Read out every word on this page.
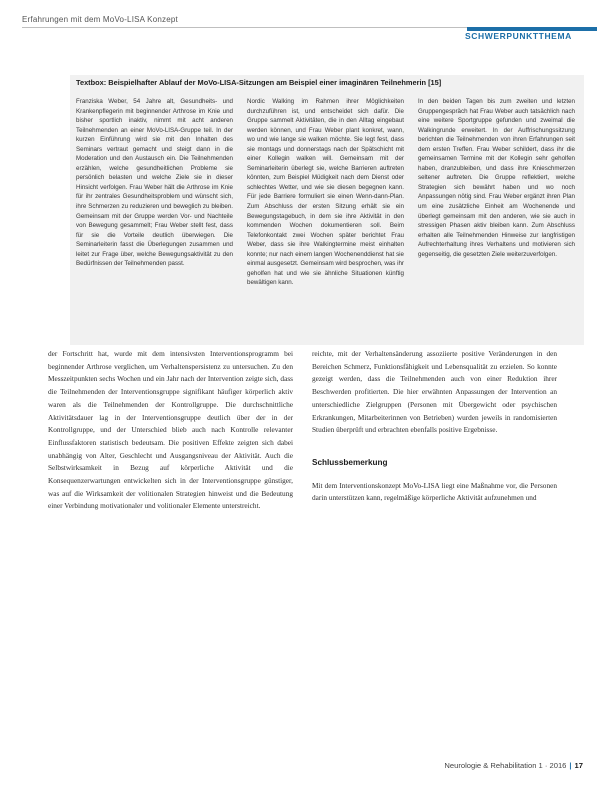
Erfahrungen mit dem MoVo-LISA Konzept
SCHWERPUNKTTHEMA
Textbox: Beispielhafter Ablauf der MoVo-LISA-Sitzungen am Beispiel einer imaginären Teilnehmerin [15]
Franziska Weber, 54 Jahre alt, Gesundheits- und Krankenpflegerin mit beginnender Arthrose im Knie und bisher sportlich inaktiv, nimmt mit acht anderen Teilnehmenden an einer MoVo-LISA-Gruppe teil. In der kurzen Einführung wird sie mit den Inhalten des Seminars vertraut gemacht und steigt dann in die Moderation und den Austausch ein. Die Teilnehmenden erzählen, welche gesundheitlichen Probleme sie persönlich belasten und welche Ziele sie in dieser Hinsicht verfolgen. Frau Weber hält die Arthrose im Knie für ihr zentrales Gesundheitsproblem und wünscht sich, ihre Schmerzen zu reduzieren und beweglich zu bleiben. Gemeinsam mit der Gruppe werden Vor- und Nachteile von Bewegung gesammelt; Frau Weber stellt fest, dass für sie die Vorteile deutlich überwiegen. Die Seminarleiterin fasst die Überlegungen zusammen und leitet zur Frage über, welche Bewegungsaktivität zu den Bedürfnissen der Teilnehmenden passt.
Nordic Walking im Rahmen ihrer Möglichkeiten durchzuführen ist, und entscheidet sich dafür. Die Gruppe sammelt Aktivitäten, die in den Alltag eingebaut werden können, und Frau Weber plant konkret, wann, wo und wie lange sie walken möchte. Sie legt fest, dass sie montags und donnerstags nach der Spätschicht mit einer Kollegin walken will. Gemeinsam mit der Seminarleiterin überlegt sie, welche Barrieren auftreten könnten, zum Beispiel Müdigkeit nach dem Dienst oder schlechtes Wetter, und wie sie diesen begegnen kann. Für jede Barriere formuliert sie einen Wenn-dann-Plan. Zum Abschluss der ersten Sitzung erhält sie ein Bewegungstagebuch, in dem sie ihre Aktivität in den kommenden Wochen dokumentieren soll. Beim Telefonkontakt zwei Wochen später berichtet Frau Weber, dass sie ihre Walkingtermine meist einhalten konnte; nur nach einem langen Wochenenddienst hat sie einmal ausgesetzt. Gemeinsam wird besprochen, was ihr geholfen hat und wie sie ähnliche Situationen künftig bewältigen kann.
In den beiden Tagen bis zum zweiten und letzten Gruppengespräch hat Frau Weber auch tatsächlich nach eine weitere Sportgruppe gefunden und zweimal die Walkingrunde erweitert. In der Auffrischungssitzung berichten die Teilnehmenden von ihren Erfahrungen seit dem ersten Treffen. Frau Weber schildert, dass ihr die gemeinsamen Termine mit der Kollegin sehr geholfen haben, dranzubleiben, und dass ihre Knieschmerzen seltener auftreten. Die Gruppe reflektiert, welche Strategien sich bewährt haben und wo noch Anpassungen nötig sind. Frau Weber ergänzt ihren Plan um eine zusätzliche Einheit am Wochenende und überlegt gemeinsam mit den anderen, wie sie auch in stressigen Phasen aktiv bleiben kann. Zum Abschluss erhalten alle Teilnehmenden Hinweise zur langfristigen Aufrechterhaltung ihres Verhaltens und motivieren sich gegenseitig, die gesetzten Ziele weiterzuverfolgen.

der Fortschritt hat, wurde mit dem intensivsten Interventionsprogramm bei beginnender Arthrose verglichen, um Verhaltenspersistenz zu untersuchen. Zu den Messzeitpunkten sechs Wochen und ein Jahr nach der Intervention zeigte sich, dass die Teilnehmenden der Interventionsgruppe signifikant häufiger körperlich aktiv waren als die Teilnehmenden der Kontrollgruppe. Die durchschnittliche Aktivitätsdauer lag in der Interventionsgruppe deutlich über der in der Kontrollgruppe, und der Unterschied blieb auch nach Kontrolle relevanter Einflussfaktoren statistisch bedeutsam. Die positiven Effekte zeigten sich dabei unabhängig von Alter, Geschlecht und Ausgangsniveau der Aktivität. Auch die Selbstwirksamkeit in Bezug auf körperliche Aktivität und die Konsequenzerwartungen entwickelten sich in der Interventionsgruppe günstiger, was auf die Wirksamkeit der volitionalen Strategien hinweist und die Bedeutung einer Verbindung motivationaler und volitionaler Elemente unterstreicht.

reichte, mit der Verhaltensänderung assoziierte positive Veränderungen in den Bereichen Schmerz, Funktionsfähigkeit und Lebensqualität zu erzielen. So konnte gezeigt werden, dass die Teilnehmenden auch von einer Reduktion ihrer Beschwerden profitierten. Die hier erwähnten Anpassungen der Intervention an unterschiedliche Zielgruppen (Personen mit Übergewicht oder psychischen Erkrankungen, Mitarbeiterinnen von Betrieben) wurden jeweils in randomisierten Studien überprüft und erbrachten ebenfalls positive Ergebnisse.

Schlussbemerkung

Mit dem Interventionskonzept MoVo-LISA liegt eine Maßnahme vor, die Personen darin unterstützen kann, regelmäßige körperliche Aktivität aufzunehmen und

Neurologie & Rehabilitation 1 · 2016 | 17
